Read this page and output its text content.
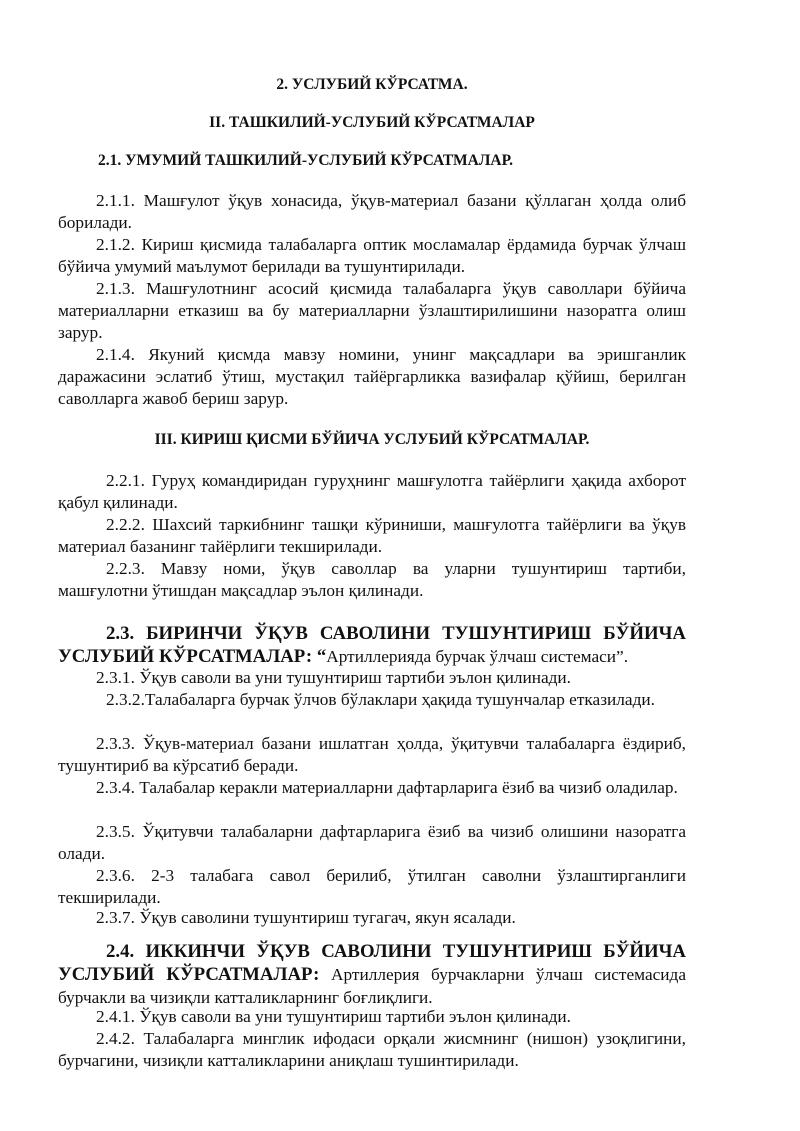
2. УСЛУБИЙ КЎРСАТМА.

II. ТАШКИЛИЙ-УСЛУБИЙ КЎРСАТМАЛАР

2.1. УМУМИЙ ТАШКИЛИЙ-УСЛУБИЙ КЎРСАТМАЛАР.

2.1.1. Машғулот ўқув хонасида, ўқув-материал базани қўллаган ҳолда олиб борилади.

2.1.2. Кириш қисмида талабаларга оптик мосламалар ёрдамида бурчак ўлчаш бўйича умумий маълумот берилади ва тушунтирилади.

2.1.3. Машғулотнинг асосий қисмида талабаларга ўқув саволлари бўйича материалларни етказиш ва бу материалларни ўзлаштирилишини назоратга олиш зарур.

2.1.4. Якуний қисмда мавзу номини, унинг мақсадлари ва эришганлик даражасини эслатиб ўтиш, мустақил тайёргарликка вазифалар қўйиш, берилган саволларга жавоб бериш зарур.

III. КИРИШ ҚИСМИ БЎЙИЧА УСЛУБИЙ КЎРСАТМАЛАР.

2.2.1. Гуруҳ командиридан гуруҳнинг машғулотга тайёрлиги ҳақида ахборот қабул қилинади.

2.2.2. Шахсий таркибнинг ташқи кўриниши, машғулотга тайёрлиги ва ўқув материал базанинг тайёрлиги текширилади.

2.2.3. Мавзу номи, ўқув саволлар ва уларни тушунтириш тартиби, машғулотни ўтишдан мақсадлар эълон қилинади.

2.3. БИРИНЧИ ЎҚУВ САВОЛИНИ ТУШУНТИРИШ БЎЙИЧА УСЛУБИЙ КЎРСАТМАЛАР: “Артиллерияда бурчак ўлчаш системаси”.

2.3.1. Ўқув саволи ва уни тушунтириш тартиби эълон қилинади.

2.3.2.Талабаларга бурчак ўлчов бўлаклари ҳақида тушунчалар етказилади.

2.3.3. Ўқув-материал базани ишлатган ҳолда, ўқитувчи талабаларга ёздириб, тушунтириб ва кўрсатиб беради.

2.3.4. Талабалар керакли материалларни дафтарларига ёзиб ва чизиб оладилар.

2.3.5. Ўқитувчи талабаларни дафтарларига ёзиб ва чизиб олишини назоратга олади.

2.3.6. 2-3 талабага савол берилиб, ўтилган саволни ўзлаштирганлиги текширилади.

2.3.7. Ўқув саволини тушунтириш тугагач, якун ясалади.

2.4. ИККИНЧИ ЎҚУВ САВОЛИНИ ТУШУНТИРИШ БЎЙИЧА УСЛУБИЙ КЎРСАТМАЛАР: Артиллерия бурчакларни ўлчаш системасида бурчакли ва чизиқли катталикларнинг боғлиқлиги.

2.4.1. Ўқув саволи ва уни тушунтириш тартиби эълон қилинади.

2.4.2. Талабаларга минглик ифодаси орқали жисмнинг (нишон) узоқлигини, бурчагини, чизиқли катталикларини аниқлаш тушинтирилади.
